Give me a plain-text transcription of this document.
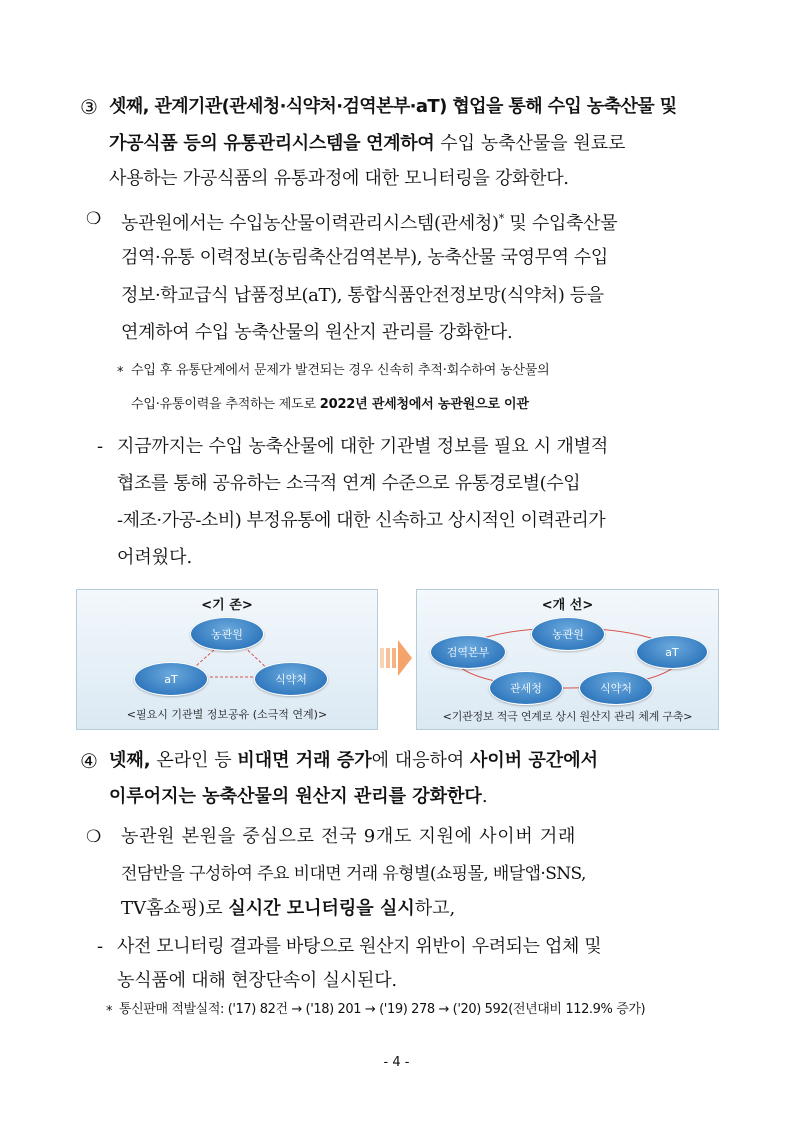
③ 셋째, 관계기관(관세청·식약처·검역본부·aT) 협업을 통해 수입 농축산물 및
가공식품 등의 유통관리시스템을 연계하여 수입 농축산물을 원료로
사용하는 가공식품의 유통과정에 대한 모니터링을 강화한다.
❍ 농관원에서는 수입농산물이력관리시스템(관세청)* 및 수입축산물
검역·유통 이력정보(농림축산검역본부), 농축산물 국영무역 수입
정보·학교급식 납품정보(aT), 통합식품안전정보망(식약처) 등을
연계하여 수입 농축산물의 원산지 관리를 강화한다.
* 수입 후 유통단계에서 문제가 발견되는 경우 신속히 추적·회수하여 농산물의
수입·유통이력을 추적하는 제도로 2022년 관세청에서 농관원으로 이관
- 지금까지는 수입 농축산물에 대한 기관별 정보를 필요 시 개별적
협조를 통해 공유하는 소극적 연계 수준으로 유통경로별(수입
-제조·가공-소비) 부정유통에 대한 신속하고 상시적인 이력관리가
어려웠다.
<기 존>
농관원
aT	식약처
<필요시 기관별 정보공유 (소극적 연계)>
<개 선>
농관원
검역본부	aT
관세청	식약처
<기관정보 적극 연계로 상시 원산지 관리 체계 구축>
④ 넷째, 온라인 등 비대면 거래 증가에 대응하여 사이버 공간에서
이루어지는 농축산물의 원산지 관리를 강화한다.
❍ 농관원 본원을 중심으로 전국 9개도 지원에 사이버 거래
전담반을 구성하여 주요 비대면 거래 유형별(쇼핑몰, 배달앱·SNS,
TV홈쇼핑)로 실시간 모니터링을 실시하고,
- 사전 모니터링 결과를 바탕으로 원산지 위반이 우려되는 업체 및
농식품에 대해 현장단속이 실시된다.
* 통신판매 적발실적: ('17) 82건 → ('18) 201 → ('19) 278 → ('20) 592(전년대비 112.9% 증가)
- 4 -
